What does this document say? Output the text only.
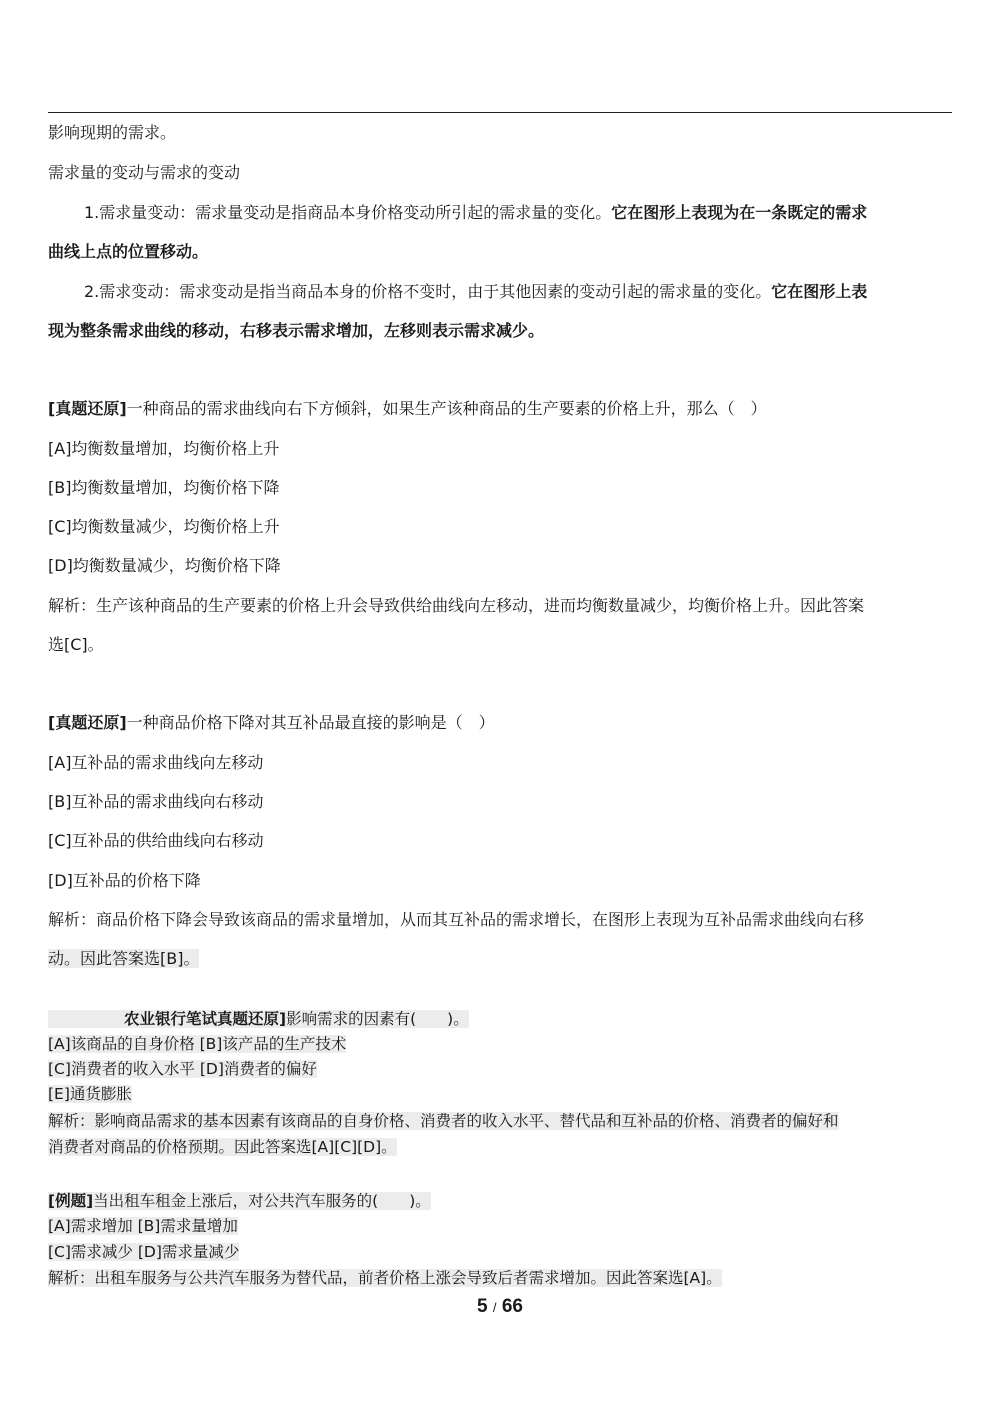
影响现期的需求。
需求量的变动与需求的变动
1.需求量变动：需求量变动是指商品本身价格变动所引起的需求量的变化。它在图形上表现为在一条既定的需求
曲线上点的位置移动。
2.需求变动：需求变动是指当商品本身的价格不变时，由于其他因素的变动引起的需求量的变化。它在图形上表
现为整条需求曲线的移动，右移表示需求增加，左移则表示需求减少。
[真题还原]一种商品的需求曲线向右下方倾斜，如果生产该种商品的生产要素的价格上升，那么（　）
[A]均衡数量增加，均衡价格上升
[B]均衡数量增加，均衡价格下降
[C]均衡数量减少，均衡价格上升
[D]均衡数量减少，均衡价格下降
解析：生产该种商品的生产要素的价格上升会导致供给曲线向左移动，进而均衡数量减少，均衡价格上升。因此答案
选[C]。
[真题还原]一种商品价格下降对其互补品最直接的影响是（　）
[A]互补品的需求曲线向左移动
[B]互补品的需求曲线向右移动
[C]互补品的供给曲线向右移动
[D]互补品的价格下降
解析：商品价格下降会导致该商品的需求量增加，从而其互补品的需求增长，在图形上表现为互补品需求曲线向右移
动。因此答案选[B]。
农业银行笔试真题还原]影响需求的因素有(　　)。
[A]该商品的自身价格 [B]该产品的生产技术
[C]消费者的收入水平 [D]消费者的偏好
[E]通货膨胀
解析：影响商品需求的基本因素有该商品的自身价格、消费者的收入水平、替代品和互补品的价格、消费者的偏好和
消费者对商品的价格预期。因此答案选[A][C][D]。
[例题]当出租车租金上涨后，对公共汽车服务的(　　)。
[A]需求增加 [B]需求量增加
[C]需求减少 [D]需求量减少
解析：出租车服务与公共汽车服务为替代品，前者价格上涨会导致后者需求增加。因此答案选[A]。
5 / 66
